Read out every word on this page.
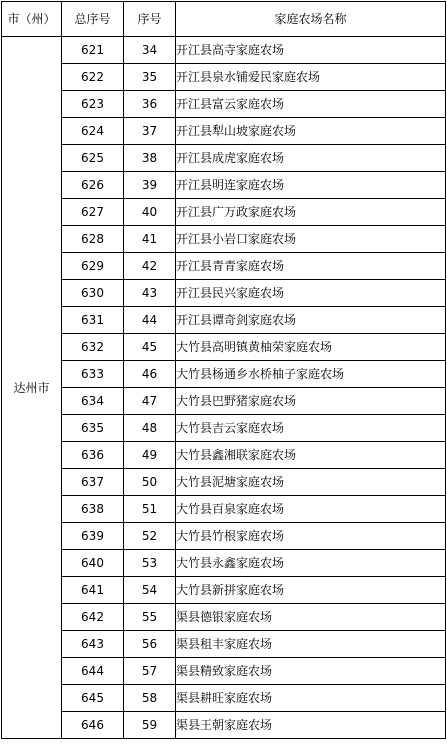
市（州）	总序号	序号	家庭农场名称
达州市	621	34	开江县高寺家庭农场
	622	35	开江县泉水铺爱民家庭农场
	623	36	开江县富云家庭农场
	624	37	开江县犁山坡家庭农场
	625	38	开江县成虎家庭农场
	626	39	开江县明连家庭农场
	627	40	开江县广万政家庭农场
	628	41	开江县小岩口家庭农场
	629	42	开江县青青家庭农场
	630	43	开江县民兴家庭农场
	631	44	开江县谭奇剑家庭农场
	632	45	大竹县高明镇黄柚荣家庭农场
	633	46	大竹县杨通乡水桥柚子家庭农场
	634	47	大竹县巴野猪家庭农场
	635	48	大竹县吉云家庭农场
	636	49	大竹县鑫湘联家庭农场
	637	50	大竹县泥塘家庭农场
	638	51	大竹县百泉家庭农场
	639	52	大竹县竹根家庭农场
	640	53	大竹县永鑫家庭农场
	641	54	大竹县新拼家庭农场
	642	55	渠县德银家庭农场
	643	56	渠县租丰家庭农场
	644	57	渠县精致家庭农场
	645	58	渠县耕旺家庭农场
	646	59	渠县王朝家庭农场
